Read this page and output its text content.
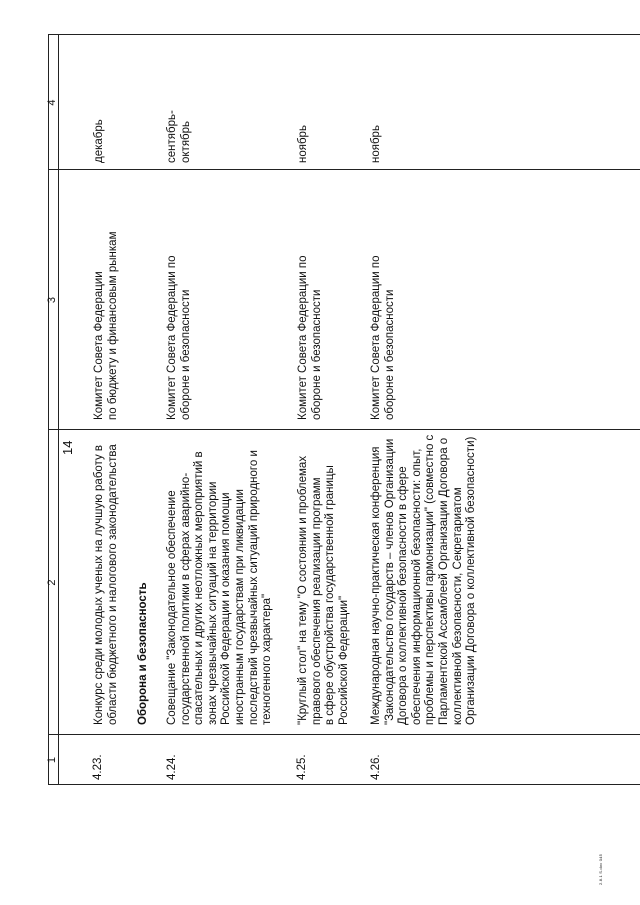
14
1
2
3
4
4.23.
Конкурс среди молодых ученых на лучшую работу в
области бюджетного и налогового законодательства
Комитет Совета Федерации
по бюджету и финансовым рынкам
декабрь
Оборона и безопасность
4.24.
Совещание "Законодательное обеспечение
государственной политики в сферах аварийно-
спасательных и других неотложных мероприятий в
зонах чрезвычайных ситуаций на территории
Российской Федерации и оказания помощи
иностранным государствам при ликвидации
последствий чрезвычайных ситуаций природного и
техногенного характера"
Комитет Совета Федерации по
обороне и безопасности
сентябрь-
октябрь
4.25.
"Круглый стол" на тему "О состоянии и проблемах
правового обеспечения реализации программ
в сфере обустройства государственной границы
Российской Федерации"
Комитет Совета Федерации по
обороне и безопасности
ноябрь
4.26.
Международная научно-практическая конференция
"Законодательство государств – членов Организации
Договора о коллективной безопасности в сфере
обеспечения информационной безопасности: опыт,
проблемы и перспективы гармонизации" (совместно с
Парламентской Ассамблеей Организации Договора о
коллективной безопасности, Секретариатом
Организации Договора о коллективной безопасности)
Комитет Совета Федерации по
обороне и безопасности
ноябрь
2.8.1 S.doc 045
